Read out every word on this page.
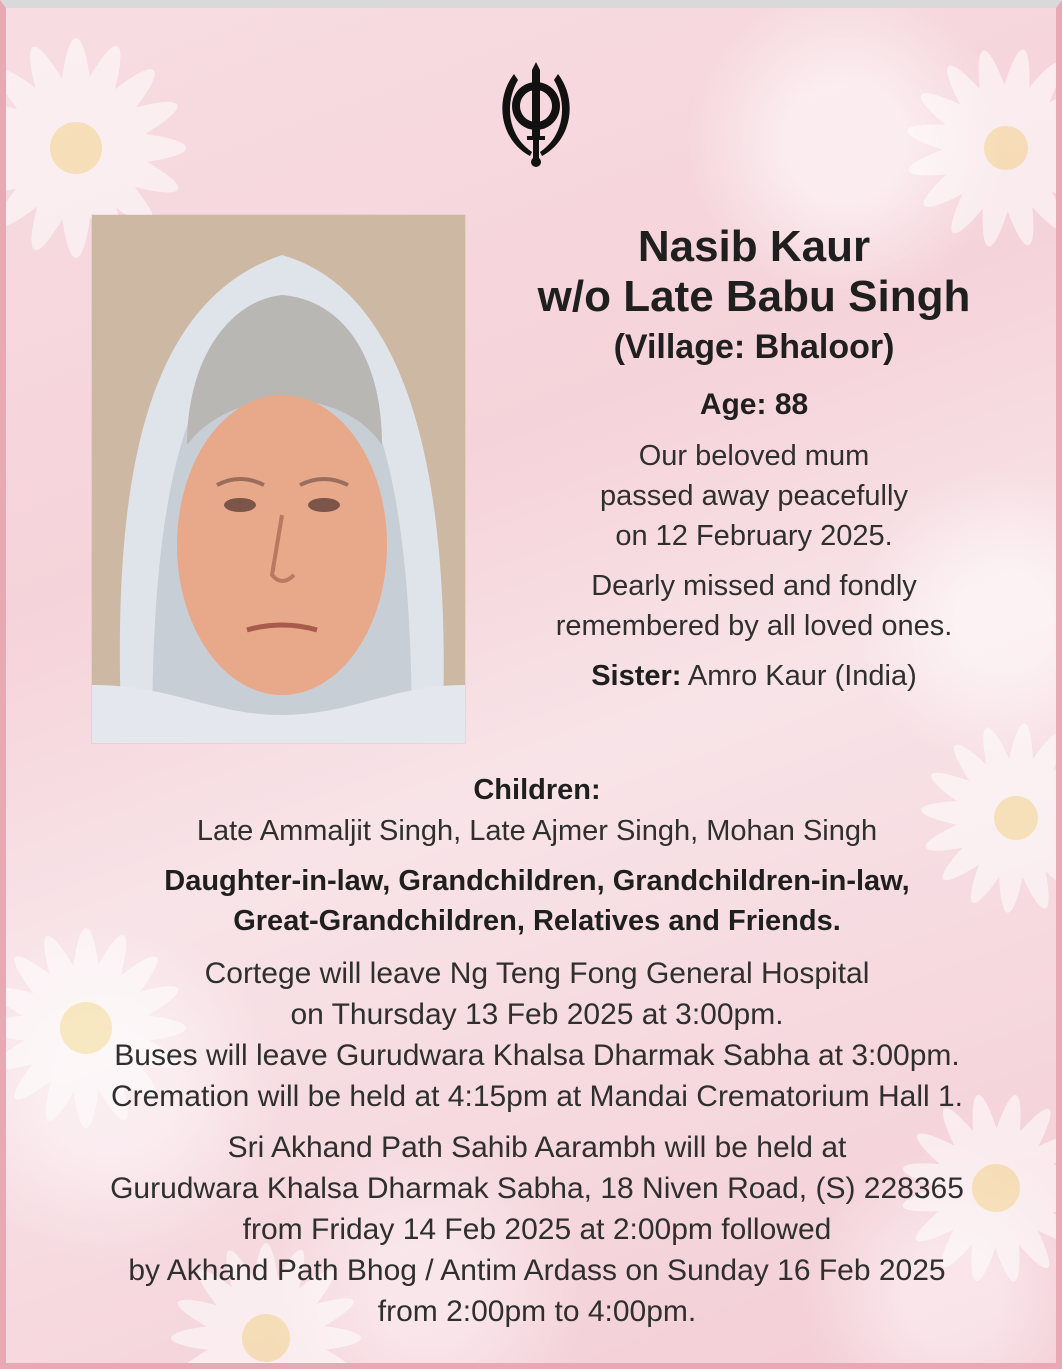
Nasib Kaur
w/o Late Babu Singh
(Village: Bhaloor)
Age: 88
Our beloved mum
passed away peacefully
on 12 February 2025.
Dearly missed and fondly
remembered by all loved ones.
Sister: Amro Kaur (India)
Children:
Late Ammaljit Singh, Late Ajmer Singh, Mohan Singh
Daughter-in-law, Grandchildren, Grandchildren-in-law,
Great-Grandchildren, Relatives and Friends.
Cortege will leave Ng Teng Fong General Hospital
on Thursday 13 Feb 2025 at 3:00pm.
Buses will leave Gurudwara Khalsa Dharmak Sabha at 3:00pm.
Cremation will be held at 4:15pm at Mandai Crematorium Hall 1.
Sri Akhand Path Sahib Aarambh will be held at
Gurudwara Khalsa Dharmak Sabha, 18 Niven Road, (S) 228365
from Friday 14 Feb 2025 at 2:00pm followed
by Akhand Path Bhog / Antim Ardass on Sunday 16 Feb 2025
from 2:00pm to 4:00pm.
